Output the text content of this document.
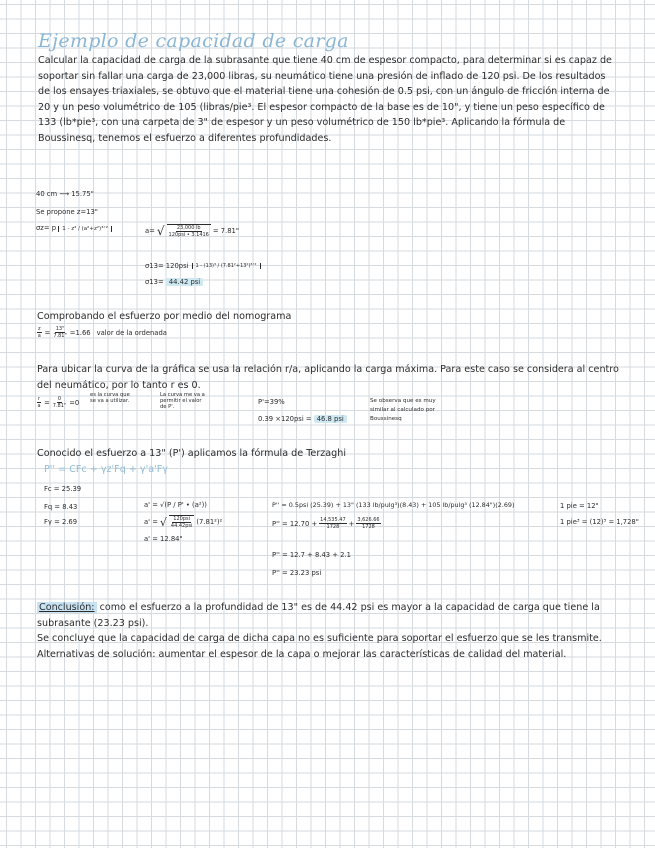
Ejemplo de capacidad de carga
Calcular la capacidad de carga de la subrasante que tiene 40 cm de espesor compacto, para determinar si es capaz de soportar sin fallar una carga de 23,000 libras, su neumático tiene una presión de inflado de 120 psi. De los resultados de los ensayes triaxiales, se obtuvo que el material tiene una cohesión de 0.5 psi, con un ángulo de fricción interna de 20 y un peso volumétrico de 105 (libras/pie³. El espesor compacto de la base es de 10", y tiene un peso específico de 133 (lb*pie³, con una carpeta de 3" de espesor y un peso volumétrico de 150 lb*pie³. Aplicando la fórmula de Boussinesq, tenemos el esfuerzo a diferentes profundidades.
40 cm ⟶ 15.75"
Se propone z=13"
σz= p 1 - z³ / (a²+z²)³ᐟ²	a= √ $\frac{23,000 lb}{\text{120psi • 3.1416}} = 7.81$"
σ13= 120psi	1 - (13)³ / (7.81²+13²)³ᐟ²
σ13= 44.42 psi
Comprobando el esfuerzo por medio del nomograma
$\frac{z}{a} = \frac{13"}{7.81"} =1.66$ valor de la ordenada
Para ubicar la curva de la gráfica se usa la relación r/a, aplicando la carga máxima. Para este caso se considera al centro del neumático, por lo tanto r es 0.
$\frac{r}{a} = \frac{0}{7.81"} =0$
es la curva que se va a utilizar.
La curva me va a permitir el valor de P'.
P'=39%
0.39 ×120psi = 46.8 psi
Se observa que es muy similar al calculado por Boussinesq
Conocido el esfuerzo a 13" (P') aplicamos la fórmula de Terzaghi
P'' = CFc + γz'Fq + γ'a'Fγ
Fc = 25.39
Fq = 8.43
Fγ = 2.69
a' = √(P / P' • (a²))
a' = √ $\frac{\text{120psi}}{\text{44.42psi}} (7.81^2)^2$
a' = 12.84"
P'' = 0.5psi (25.39) + 13" (133 lb/pulg³)(8.43) + 105 lb/pulg³ (12.84")(2.69)
$P'' = 12.70 + \frac{14,535.47}{1728} + \frac{3,626.66}{1728}$
P'' = 12.7 + 8.43 + 2.1
P'' = 23.23 psi
1 pie = 12"
1 pie³ = (12)³ = 1,728"
Conclusión: como el esfuerzo a la profundidad de 13" es de 44.42 psi es mayor a la capacidad de carga que tiene la subrasante (23.23 psi).
Se concluye que la capacidad de carga de dicha capa no es suficiente para soportar el esfuerzo que se les transmite. Alternativas de solución: aumentar el espesor de la capa o mejorar las características de calidad del material.
